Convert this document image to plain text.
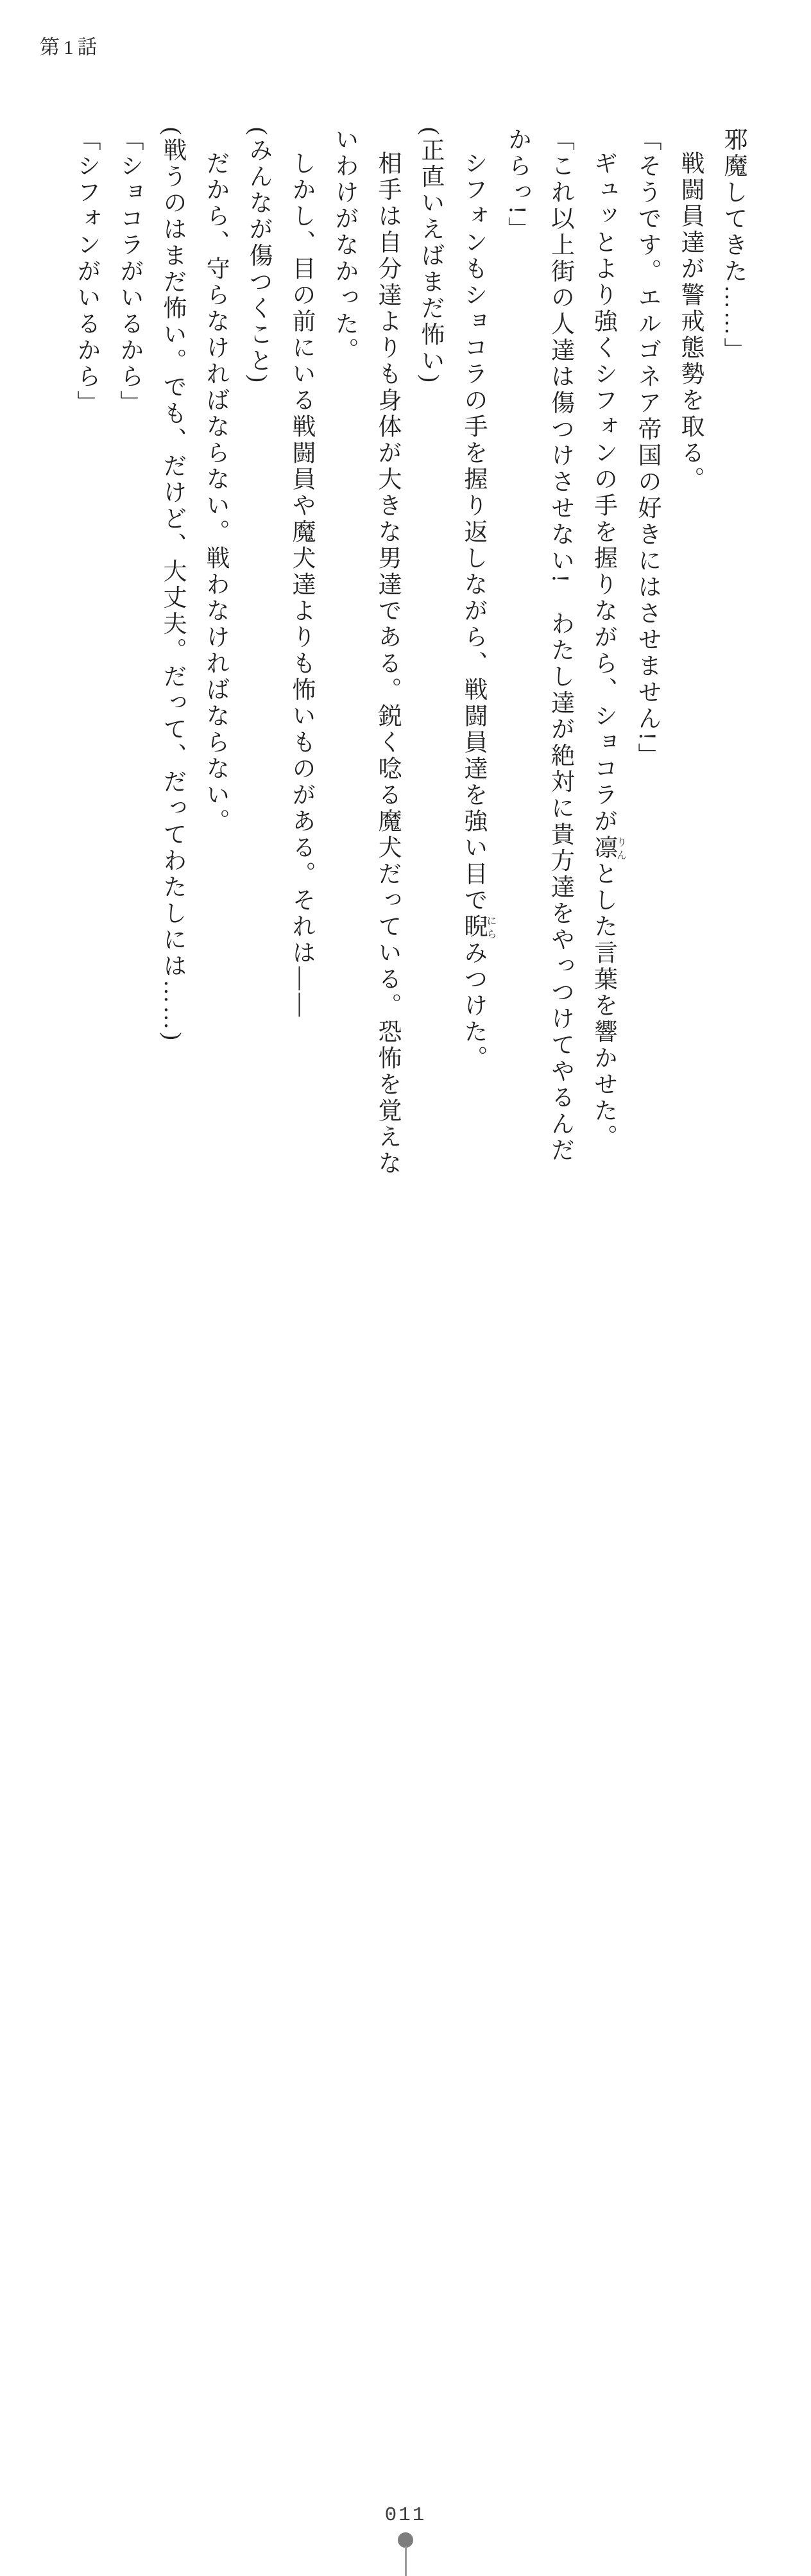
第1話

邪魔してきた……」

戦闘員達が警戒態勢を取る。

「そうです。エルゴネア帝国の好きにはさせません!」

ギュッとより強くシフォンの手を握りながら、ショコラが凛りんとした言葉を響かせた。

「これ以上街の人達は傷つけさせない!　わたし達が絶対に貴方達をやっつけてやるんだからっ!」

シフォンもショコラの手を握り返しながら、戦闘員達を強い目で睨にらみつけた。

(正直いえばまだ怖い)

相手は自分達よりも身体が大きな男達である。鋭く唸る魔犬だっている。恐怖を覚えないわけがなかった。

しかし、目の前にいる戦闘員や魔犬達よりも怖いものがある。それは――

(みんなが傷つくこと)

だから、守らなければならない。戦わなければならない。

(戦うのはまだ怖い。でも、だけど、大丈夫。だって、だってわたしには……)

「ショコラがいるから」

「シフォンがいるから」

011
